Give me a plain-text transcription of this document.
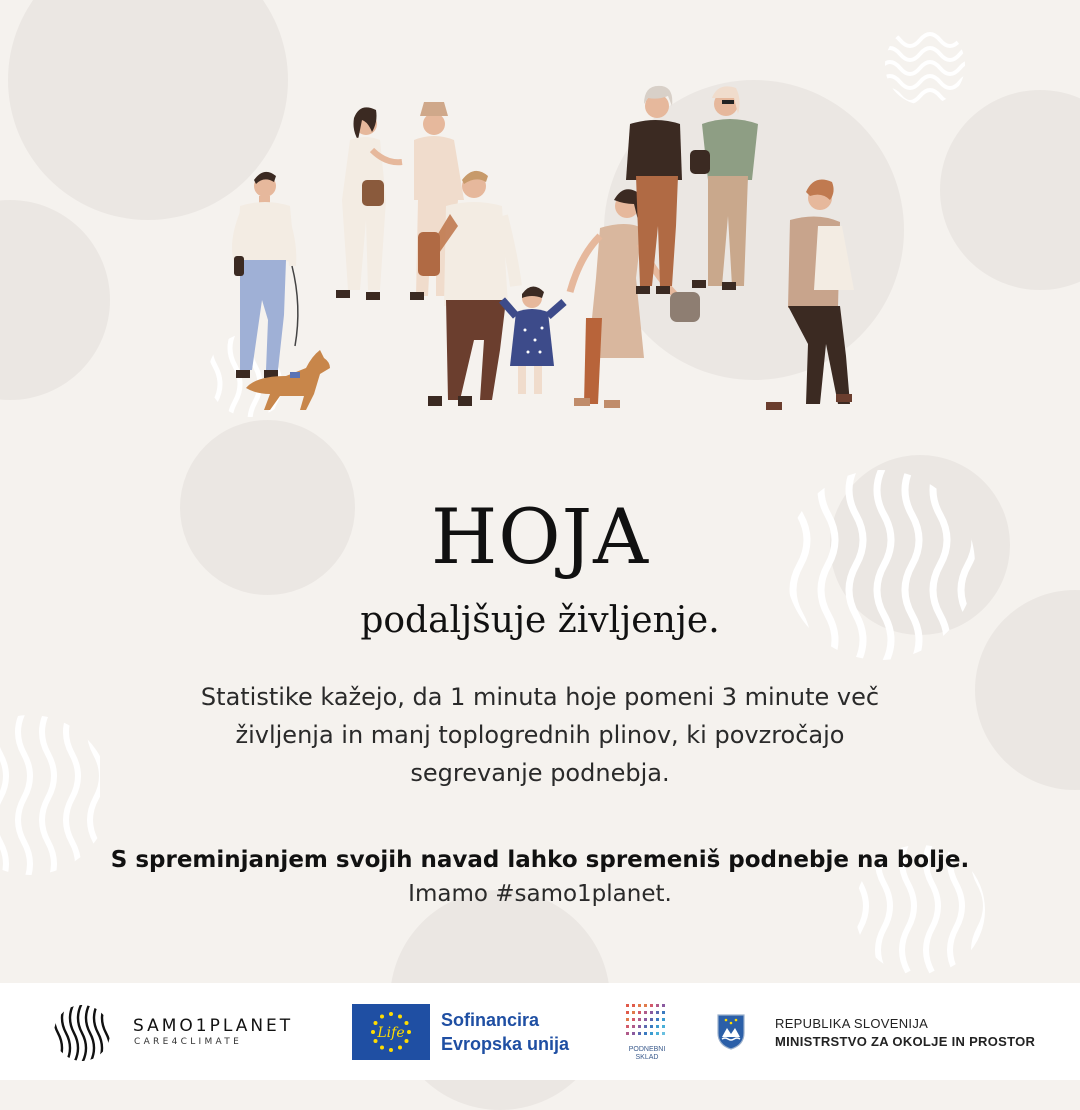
HOJA
podaljšuje življenje.
Statistike kažejo, da 1 minuta hoje pomeni 3 minute več
življenja in manj toplogrednih plinov, ki povzročajo
segrevanje podnebja.
S spreminjanjem svojih navad lahko spremeniš podnebje na bolje.
Imamo #samo1planet.
SAMO1PLANET
CARE4CLIMATE
Life
Sofinancira
Evropska unija	PODNEBNI
SKLAD
REPUBLIKA SLOVENIJA
MINISTRSTVO ZA OKOLJE IN PROSTOR
